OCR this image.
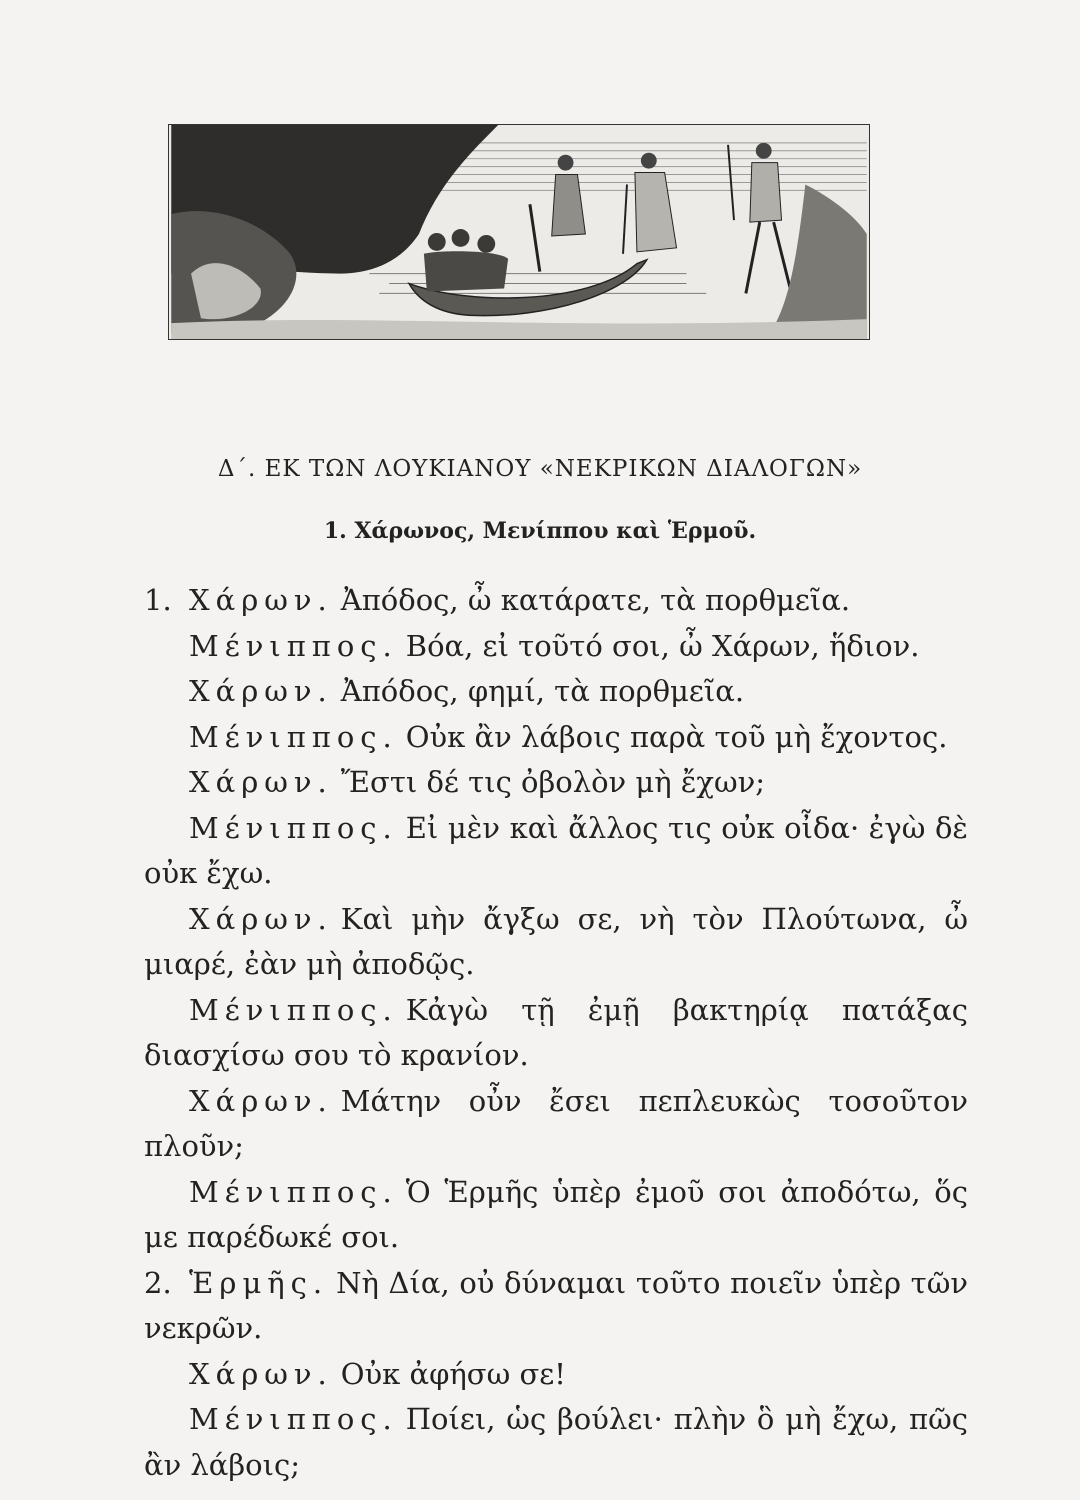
Δ΄. ΕΚ ΤΩΝ ΛΟΥΚΙΑΝΟΥ «ΝΕΚΡΙΚΩΝ ΔΙΑΛΟΓΩΝ»
1. Χάρωνος, Μενίππου καὶ Ἑρμοῦ.

1. Χάρων. Ἀπόδος, ὦ κατάρατε, τὰ πορθμεῖα.

Μένιππος. Βόα, εἰ τοῦτό σοι, ὦ Χάρων, ἥδιον.

Χάρων. Ἀπόδος, φημί, τὰ πορθμεῖα.

Μένιππος. Οὐκ ἂν λάβοις παρὰ τοῦ μὴ ἔχοντος.

Χάρων. Ἔστι δέ τις ὀβολὸν μὴ ἔχων;

Μένιππος. Εἰ μὲν καὶ ἄλλος τις οὐκ οἶδα· ἐγὼ δὲ οὐκ ἔχω.

Χάρων. Καὶ μὴν ἄγξω σε, νὴ τὸν Πλούτωνα, ὦ μιαρέ, ἐὰν μὴ ἀποδῷς.

Μένιππος. Κἀγὼ τῇ ἐμῇ βακτηρίᾳ πατάξας διασχίσω σου τὸ κρανίον.

Χάρων. Μάτην οὖν ἔσει πεπλευκὼς τοσοῦτον πλοῦν;

Μένιππος. Ὁ Ἑρμῆς ὑπὲρ ἐμοῦ σοι ἀποδότω, ὅς με παρέδωκέ σοι.

2. Ἑρμῆς. Νὴ Δία, οὐ δύναμαι τοῦτο ποιεῖν ὑπὲρ τῶν νεκρῶν.

Χάρων. Οὐκ ἀφήσω σε!

Μένιππος. Ποίει, ὡς βούλει· πλὴν ὃ μὴ ἔχω, πῶς ἂν λάβοις;
